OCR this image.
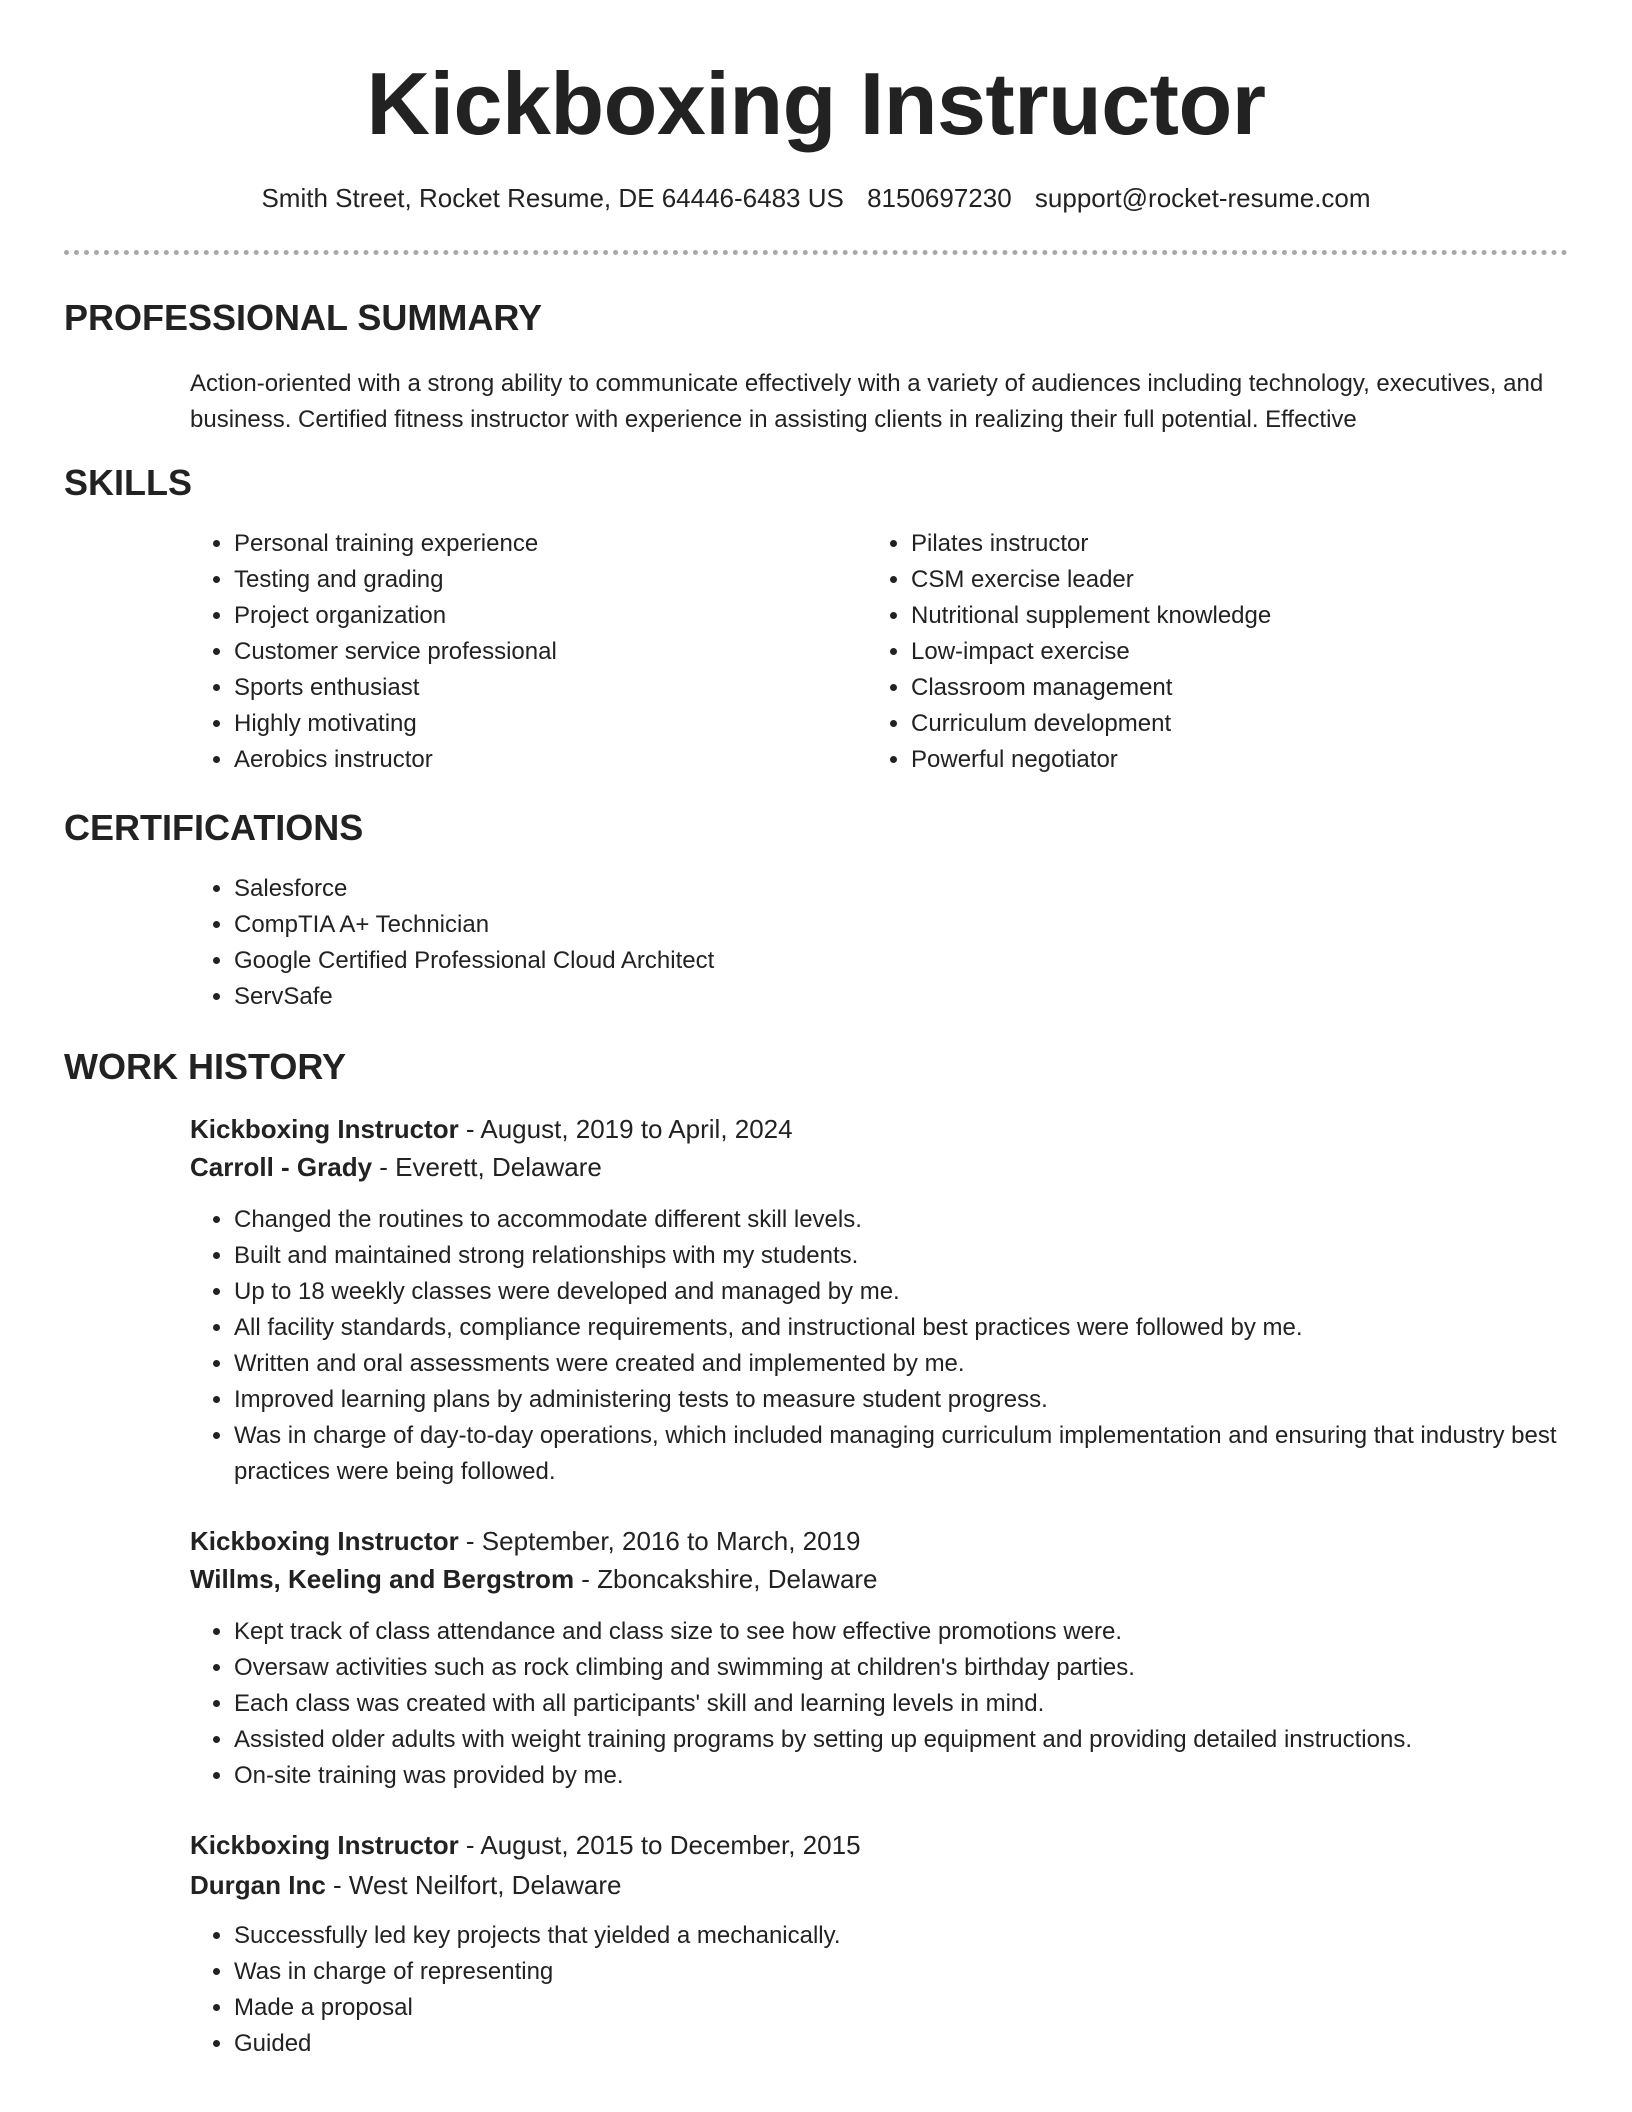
Kickboxing Instructor
Smith Street, Rocket Resume, DE 64446-6483 US 8150697230 support@rocket-resume.com
PROFESSIONAL SUMMARY

Action-oriented with a strong ability to communicate effectively with a variety of audiences including technology, executives, and business. Certified fitness instructor with experience in assisting clients in realizing their full potential. Effective

SKILLS
• Personal training experience
• Testing and grading
• Project organization
• Customer service professional
• Sports enthusiast
• Highly motivating
• Aerobics instructor
• Pilates instructor
• CSM exercise leader
• Nutritional supplement knowledge
• Low-impact exercise
• Classroom management
• Curriculum development
• Powerful negotiator
CERTIFICATIONS
• Salesforce
• CompTIA A+ Technician
• Google Certified Professional Cloud Architect
• ServSafe
WORK HISTORY
Kickboxing Instructor - August, 2019 to April, 2024
Carroll - Grady - Everett, Delaware
• Changed the routines to accommodate different skill levels.
• Built and maintained strong relationships with my students.
• Up to 18 weekly classes were developed and managed by me.
• All facility standards, compliance requirements, and instructional best practices were followed by me.
• Written and oral assessments were created and implemented by me.
• Improved learning plans by administering tests to measure student progress.
• Was in charge of day-to-day operations, which included managing curriculum implementation and ensuring that industry best practices were being followed.
Kickboxing Instructor - September, 2016 to March, 2019
Willms, Keeling and Bergstrom - Zboncakshire, Delaware
• Kept track of class attendance and class size to see how effective promotions were.
• Oversaw activities such as rock climbing and swimming at children's birthday parties.
• Each class was created with all participants' skill and learning levels in mind.
• Assisted older adults with weight training programs by setting up equipment and providing detailed instructions.
• On-site training was provided by me.
Kickboxing Instructor - August, 2015 to December, 2015
Durgan Inc - West Neilfort, Delaware
• Successfully led key projects that yielded a mechanically.
• Was in charge of representing
• Made a proposal
• Guided
